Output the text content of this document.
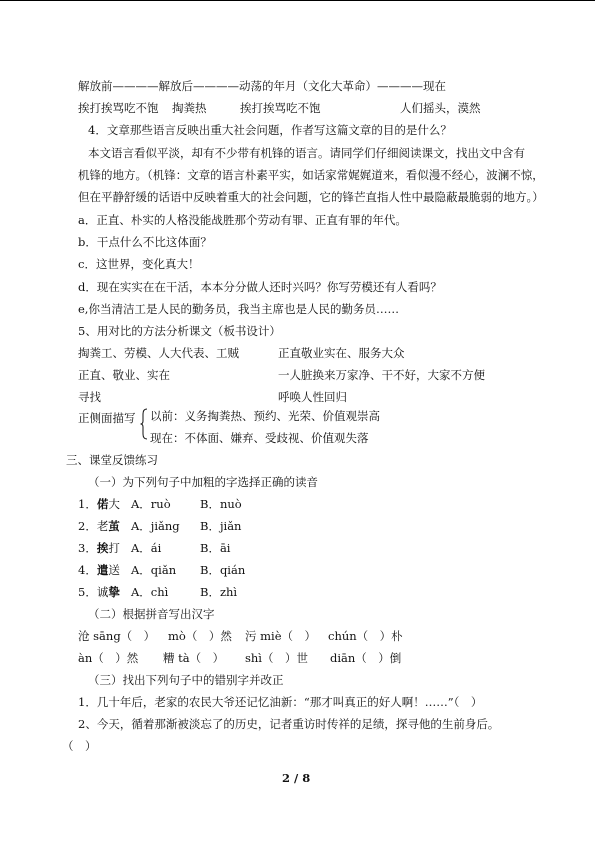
解放前————解放后————动荡的年月（文化大革命）————现在
挨打挨骂吃不饱 掏粪热	挨打挨骂吃不饱	人们摇头，漠然
4．文章那些语言反映出重大社会问题，作者写这篇文章的目的是什么？
本文语言看似平淡，却有不少带有机锋的语言。请同学们仔细阅读课文，找出文中含有
机锋的地方。（机锋：文章的语言朴素平实，如话家常娓娓道来，看似漫不经心，波澜不惊，
但在平静舒缓的话语中反映着重大的社会问题，它的锋芒直指人性中最隐蔽最脆弱的地方。）
a．正直、朴实的人格没能战胜那个劳动有罪、正直有罪的年代。
b．干点什么不比这体面？
c．这世界，变化真大！
d．现在实实在在干活，本本分分做人还时兴吗？你写劳模还有人看吗？
e,你当清洁工是人民的勤务员，我当主席也是人民的勤务员……
5、用对比的方法分析课文（板书设计）
掏粪工、劳模、人大代表、工贼	正直敬业实在、服务大众
正直、敬业、实在	一人脏换来万家净、干不好，大家不方便
寻找	呼唤人性回归
正侧面描写 以前：义务掏粪热、预约、光荣、价值观崇高
现在：不体面、嫌弃、受歧视、价值观失落
三、课堂反馈练习
（一）为下列句子中加粗的字选择正确的读音
1．偌大 A．ruò	B．nuò
2．老茧 A．jiǎng B．jiǎn
3．挨打 A．ái	B．āi
4．遣送 A．qiǎn B．qián
5．诚挚 A．chì	B．zhì
（二）根据拼音写出汉字
沧 sāng（　） mò（　）然 污 miè（　） chún（　）朴
àn（　）然 糟 tà（　） shì（　）世 diān（　）倒
（三）找出下列句子中的错别字并改正
1．几十年后，老家的农民大爷还记忆油新：“那才叫真正的好人啊！……”（　）
2、今天，循着那渐被淡忘了的历史，记者重访时传祥的足绩，探寻他的生前身后。
（　）
2 / 8
